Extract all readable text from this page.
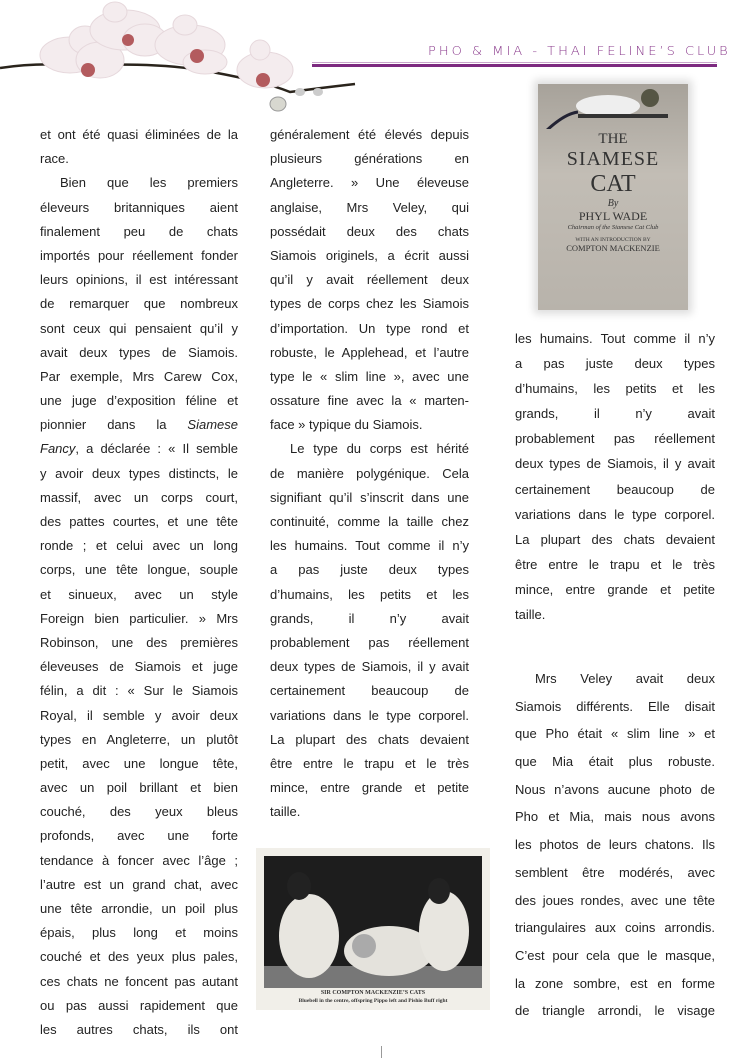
PHO & MIA - THAI FELINE’S CLUB
THE
SIAMESE
CAT
By
PHYL WADE
Chairman of the Siamese Cat Club
WITH AN INTRODUCTION BY
COMPTON MACKENZIE
SIR COMPTON MACKENZIE’S CATS
Bluebell in the centre, offspring Pippo left and Pishio Buff right
et ont été quasi éliminées de la
race.
Bien que les premiers
éleveurs britanniques aient
finalement peu de chats
importés pour réellement fonder
leurs opinions, il est intéressant
de remarquer que nombreux
sont ceux qui pensaient qu’il y
avait deux types de Siamois.
Par exemple, Mrs Carew Cox,
une juge d’exposition féline et
pionnier dans la Siamese
Fancy, a déclarée : « Il semble
y avoir deux types distincts, le
massif, avec un corps court,
des pattes courtes, et une tête
ronde ; et celui avec un long
corps, une tête longue, souple
et sinueux, avec un style
Foreign bien particulier. » Mrs
Robinson, une des premières
éleveuses de Siamois et juge
félin, a dit : « Sur le Siamois
Royal, il semble y avoir deux
types en Angleterre, un plutôt
petit, avec une longue tête,
avec un poil brillant et bien
couché, des yeux bleus
profonds, avec une forte
tendance à foncer avec l’âge ;
l’autre est un grand chat, avec
une tête arrondie, un poil plus
épais, plus long et moins
couché et des yeux plus pales,
ces chats ne foncent pas autant
ou pas aussi rapidement que
les autres chats, ils ont
généralement été élevés depuis
plusieurs générations en
Angleterre. » Une éleveuse
anglaise, Mrs Veley, qui
possédait deux des chats
Siamois originels, a écrit aussi
qu’il y avait réellement deux
types de corps chez les Siamois
d’importation. Un type rond et
robuste, le Applehead, et l’autre
type le « slim line », avec une
ossature fine avec la « marten-
face » typique du Siamois.
Le type du corps est hérité
de manière polygénique. Cela
signifiant qu’il s’inscrit dans une
continuité, comme la taille chez
les humains. Tout comme il n’y
a pas juste deux types
d’humains, les petits et les
grands, il n’y avait
probablement pas réellement
deux types de Siamois, il y avait
certainement beaucoup de
variations dans le type corporel.
La plupart des chats devaient
être entre le trapu et le très
mince, entre grande et petite
taille.
les humains. Tout comme il n’y
a pas juste deux types
d’humains, les petits et les
grands, il n’y avait
probablement pas réellement
deux types de Siamois, il y avait
certainement beaucoup de
variations dans le type corporel.
La plupart des chats devaient
être entre le trapu et le très
mince, entre grande et petite
taille.
Mrs Veley avait deux
Siamois différents. Elle disait
que Pho était « slim line » et
que Mia était plus robuste.
Nous n’avons aucune photo de
Pho et Mia, mais nous avons
les photos de leurs chatons. Ils
semblent être modérés, avec
des joues rondes, avec une tête
triangulaires aux coins arrondis.
C’est pour cela que le masque,
la zone sombre, est en forme
de triangle arrondi, le visage
